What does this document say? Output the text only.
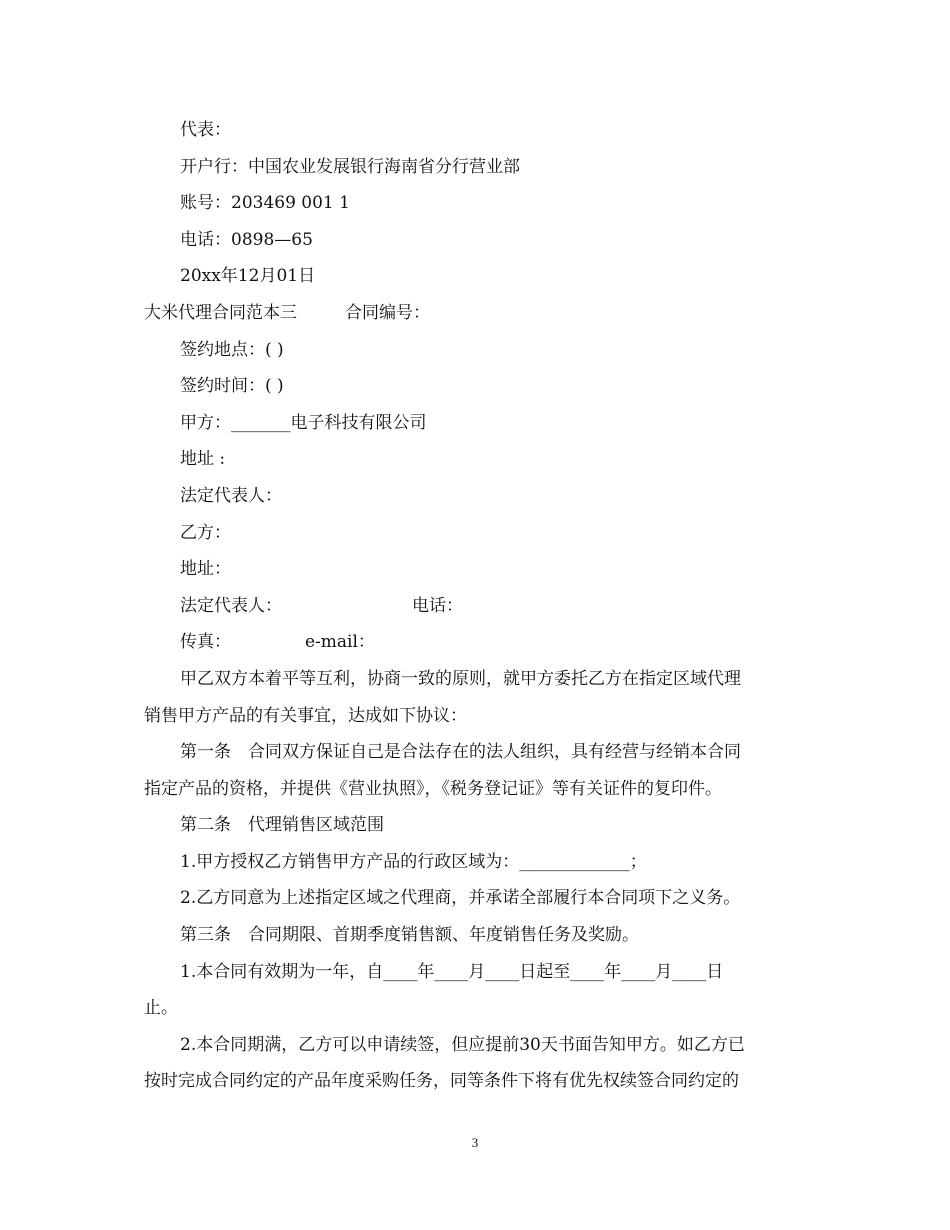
代表：
开户行：中国农业发展银行海南省分行营业部
账号：203469 001 1
电话：0898—65
20xx年12月01日
大米代理合同范本三	合同编号：
签约地点：( )
签约时间：( )
甲方：_______电子科技有限公司
地址 :
法定代表人：
乙方：
地址：
法定代表人：	电话：
传真：	e-mail：
甲乙双方本着平等互利，协商一致的原则，就甲方委托乙方在指定区域代理
销售甲方产品的有关事宜，达成如下协议：
第一条　合同双方保证自己是合法存在的法人组织，具有经营与经销本合同
指定产品的资格，并提供《营业执照》，《税务登记证》等有关证件的复印件。
第二条　代理销售区域范围
1.甲方授权乙方销售甲方产品的行政区域为：_____________；
2.乙方同意为上述指定区域之代理商，并承诺全部履行本合同项下之义务。
第三条　合同期限、首期季度销售额、年度销售任务及奖励。
1.本合同有效期为一年，自____年____月____日起至____年____月____日
止。
2.本合同期满，乙方可以申请续签，但应提前30天书面告知甲方。如乙方已
按时完成合同约定的产品年度采购任务，同等条件下将有优先权续签合同约定的
3
